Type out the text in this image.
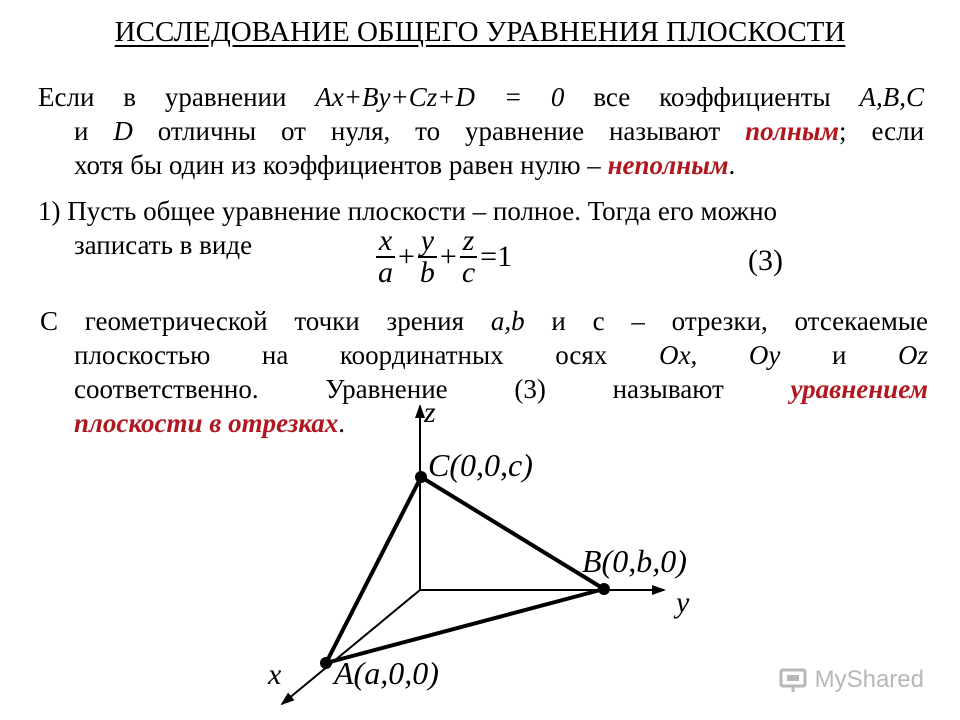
ИССЛЕДОВАНИЕ ОБЩЕГО УРАВНЕНИЯ ПЛОСКОСТИ
Если в уравнении Ax+By+Cz+D = 0 все коэффициенты A,B,C
и D отличны от нуля, то уравнение называют полным; если
хотя бы один из коэффициентов равен нулю – неполным.
1) Пусть общее уравнение плоскости – полное. Тогда его можно
записать в виде	$\frac{x}{a} + \frac{y}{b} + \frac{z}{c} =1$	(3)
С геометрической точки зрения a,b и с – отрезки, отсекаемые
плоскостью на координатных осях Ox, Oy и Oz
соответственно. Уравнение (3) называют уравнением
плоскости в отрезках.	z
y
x
C(0,0,c)
B(0,b,0)
A(a,0,0)	MyShared
